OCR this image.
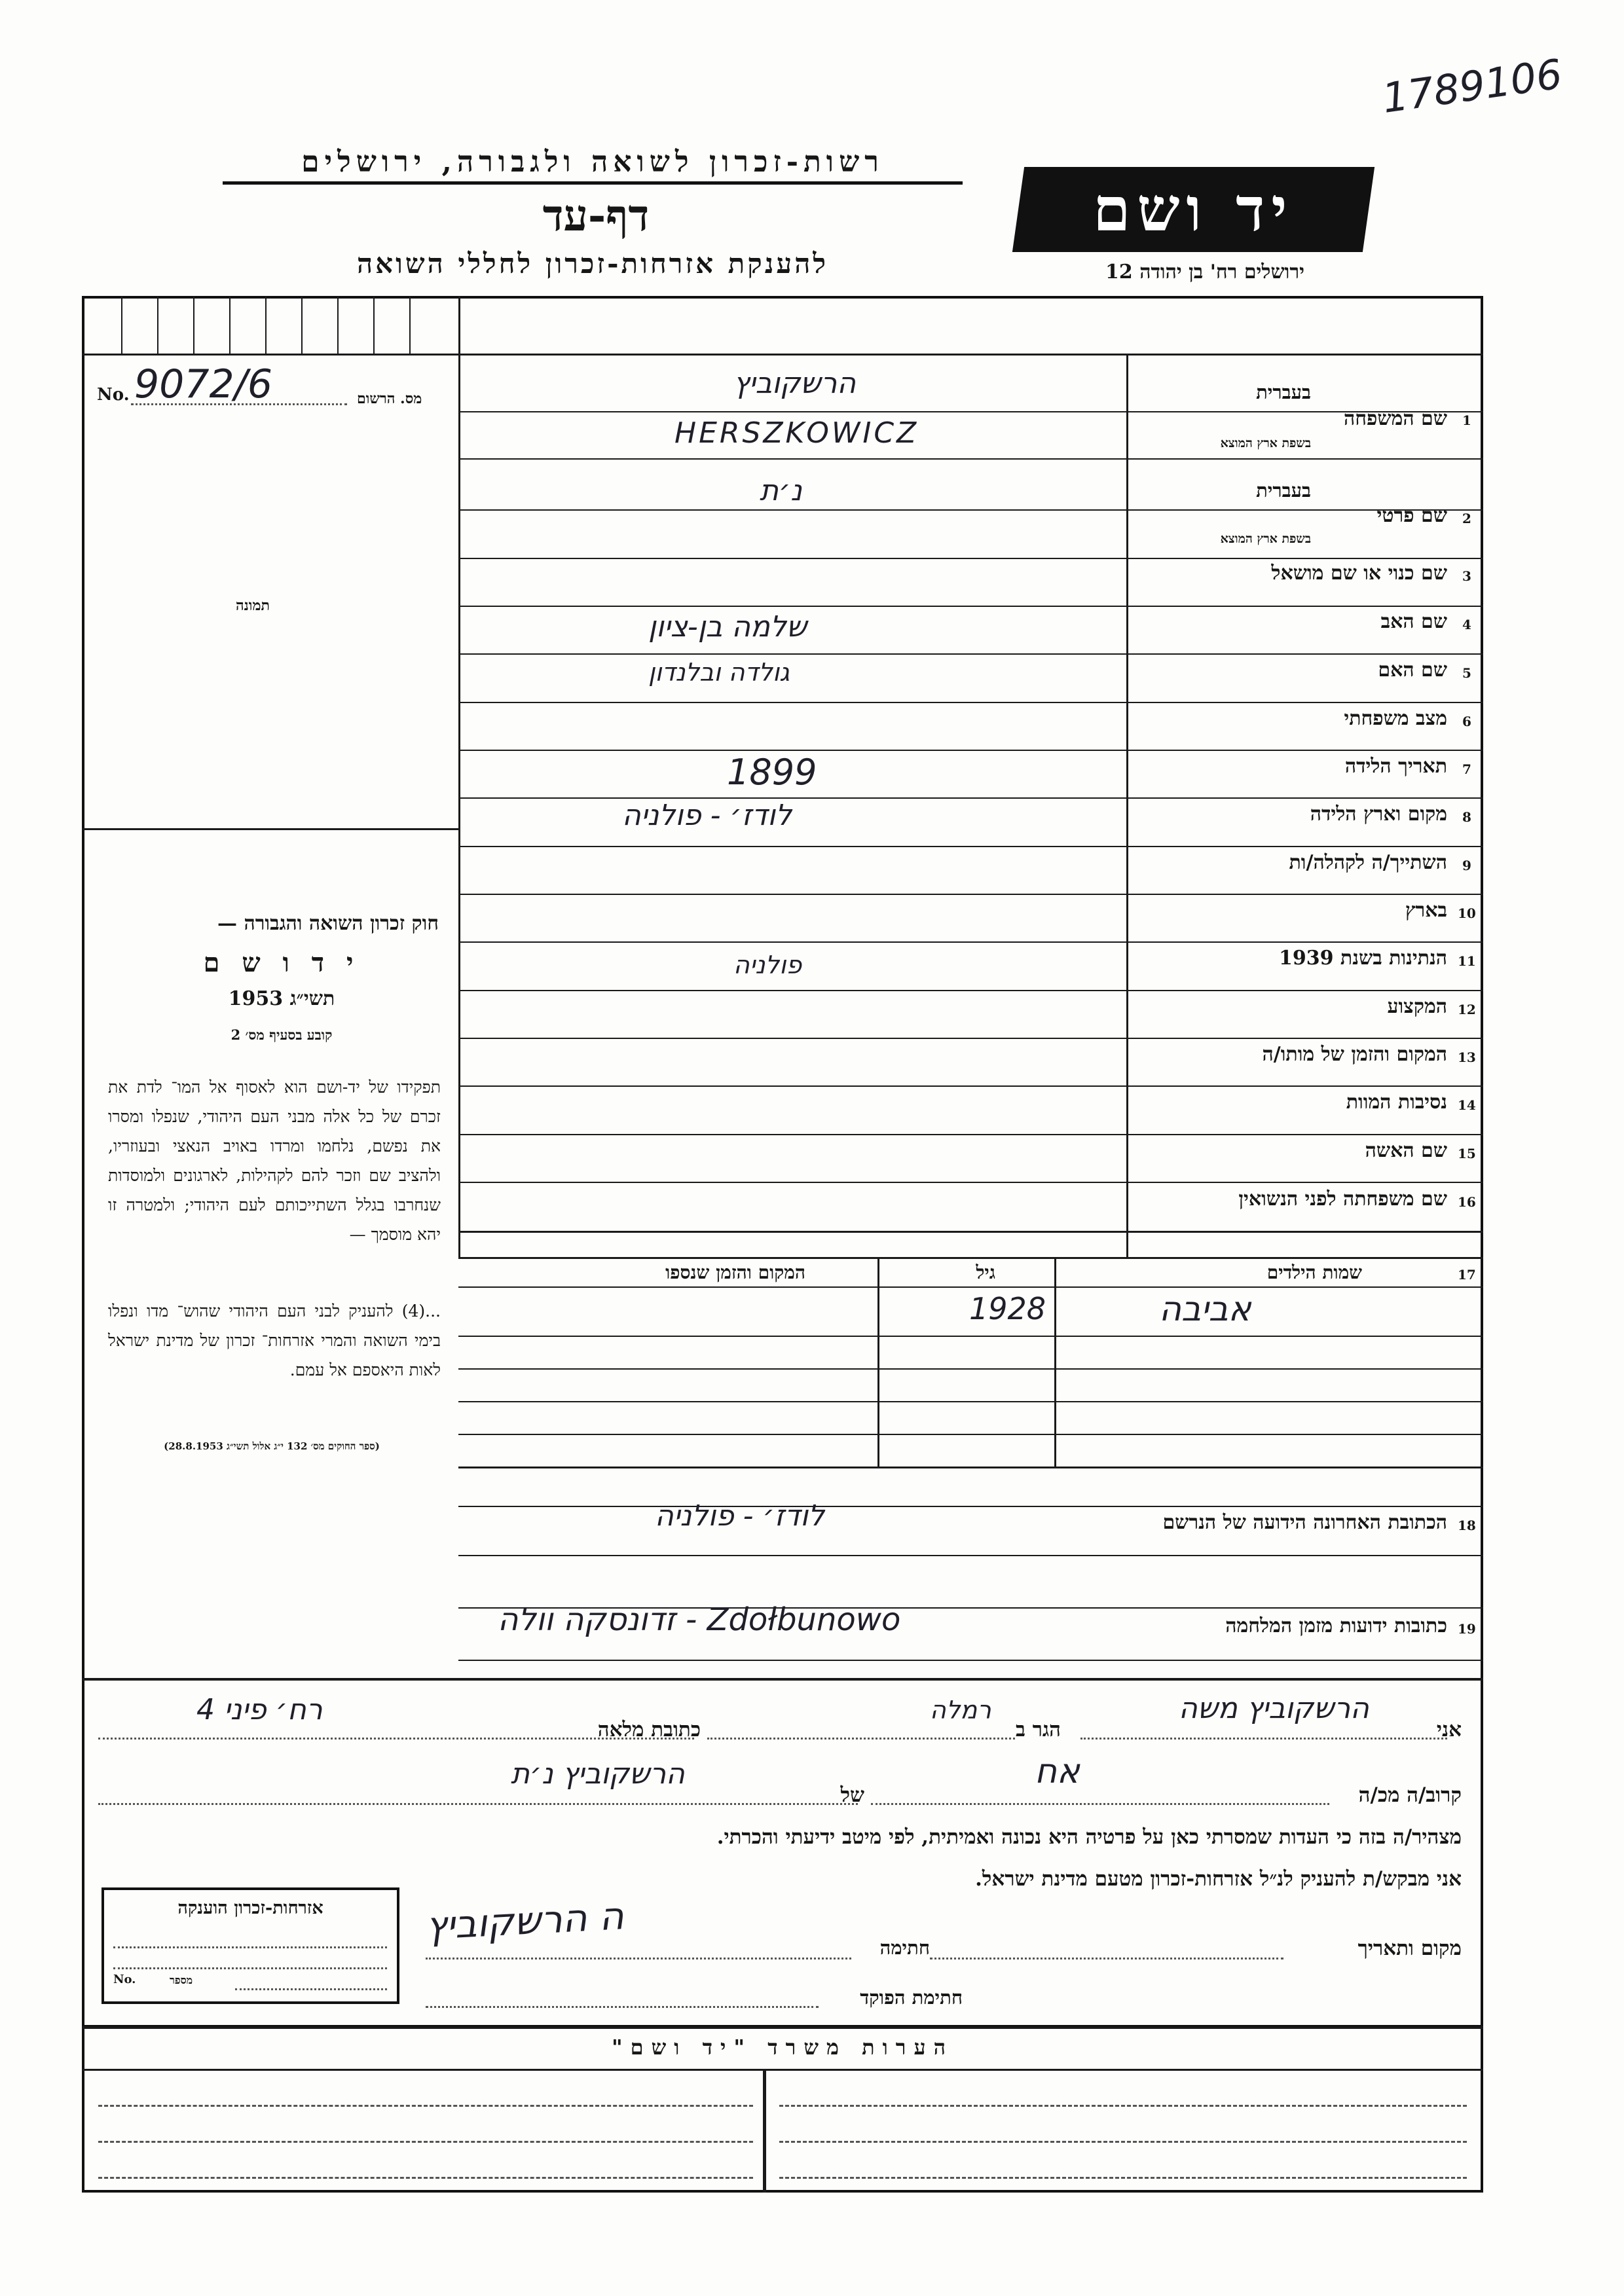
1789106
רשות-זכרון לשואה ולגבורה, ירושלים
דף-עד
להענקת אזרחות-זכרון לחללי השואה
יד ושם
ירושלים רח' בן יהודה 12
No. 9072/6	מס. הרשום
תמונה
חוק זכרון השואה והגבורה —
י ד ו ש ם
תשי״ג 1953
קובע בסעיף מס׳ 2
תפקידו של יד-ושם הוא לאסוף אל המו־ לדת את זכרם של כל אלה מבני העם היהודי, שנפלו ומסרו את נפשם, נלחמו ומרדו באויב הנאצי ובעוזריו, ולהציב שם וזכר להם לקהילות, לארגונים ולמוסדות שנחרבו בגלל השתייכותם לעם היהודי; ולמטרה זו יהא מוסמך —
...(4) להעניק לבני העם היהודי שהוש־ מדו ונפלו בימי השואה והמרי אזרחות־ זכרון של מדינת ישראל לאות היאספם אל עמם.
(ספר החוקים מס׳ 132 י״ג אלול תשי״ג 28.8.1953)
1
שם המשפחה
בעברית
בשפת ארץ המוצא
הרשקוביץ
HERSZKOWICZ
2
שם פרטי
בעברית
בשפת ארץ המוצא
נ׳ת
3
שם כנוי או שם מושאל
4
שם האב
שלמה בן-ציון
5
שם האם
גולדה ובלנדון
6
מצב משפחתי
7
תאריך הלידה
1899
8
מקום וארץ הלידה
לודז׳ - פולניה
9
השתייך/ה לקהלה/ות
10
בארץ
11
הנתינות בשנת 1939
פולניה
12
המקצוע
13
המקום והזמן של מותו/ה
14
נסיבות המוות
15
שם האשה
16
שם משפחתה לפני הנשואין
17
שמות הילדים
גיל
המקום והזמן שנספו
אביבה
1928
18
הכתובת האחרונה הידועה של הנרשם
לודז׳ - פולניה
19
כתובות ידועות מזמן המלחמה
זדונסקה וולה - Zdołbunowo
אני
הרשקוביץ משה
הגר ב
רמלה
כתובת מלאה
רח׳ פיני 4
קרוב/ה מכ/ה
אח
של
הרשקוביץ נ׳ת
מצהיר/ה בזה כי העדות שמסרתי כאן על פרטיה היא נכונה ואמיתית, לפי מיטב ידיעתי והכרתי.
אני מבקש/ת להעניק לנ״ל אזרחות-זכרון מטעם מדינת ישראל.
אזרחות-זכרון הוענקה
No.	מספר
מקום ותאריך
חתימה
ה הרשקוביץ
חתימת הפוקד
הערות משרד "יד ושם"
